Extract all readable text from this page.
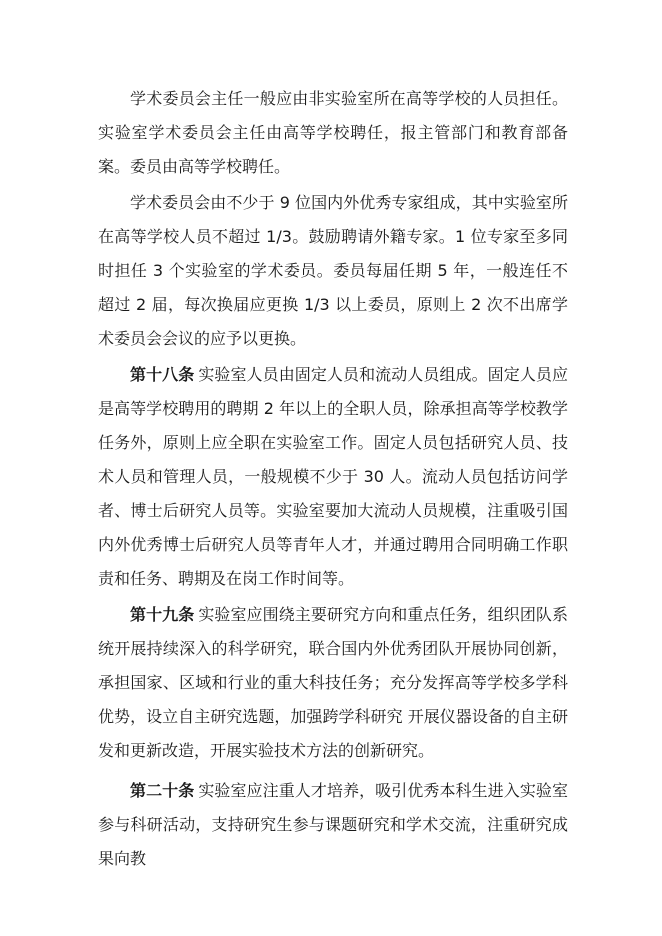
学术委员会主任一般应由非实验室所在高等学校的人员担任。实验室学术委员会主任由高等学校聘任，报主管部门和教育部备案。委员由高等学校聘任。

学术委员会由不少于 9 位国内外优秀专家组成，其中实验室所在高等学校人员不超过 1/3。鼓励聘请外籍专家。1 位专家至多同时担任 3 个实验室的学术委员。委员每届任期 5 年，一般连任不超过 2 届，每次换届应更换 1/3 以上委员，原则上 2 次不出席学术委员会会议的应予以更换。

第十八条 实验室人员由固定人员和流动人员组成。固定人员应是高等学校聘用的聘期 2 年以上的全职人员，除承担高等学校教学任务外，原则上应全职在实验室工作。固定人员包括研究人员、技术人员和管理人员，一般规模不少于 30 人。流动人员包括访问学者、博士后研究人员等。实验室要加大流动人员规模，注重吸引国内外优秀博士后研究人员等青年人才，并通过聘用合同明确工作职责和任务、聘期及在岗工作时间等。

第十九条 实验室应围绕主要研究方向和重点任务，组织团队系统开展持续深入的科学研究，联合国内外优秀团队开展协同创新，承担国家、区域和行业的重大科技任务；充分发挥高等学校多学科优势，设立自主研究选题，加强跨学科研究 开展仪器设备的自主研发和更新改造，开展实验技术方法的创新研究。

第二十条 实验室应注重人才培养，吸引优秀本科生进入实验室参与科研活动，支持研究生参与课题研究和学术交流，注重研究成果向教
